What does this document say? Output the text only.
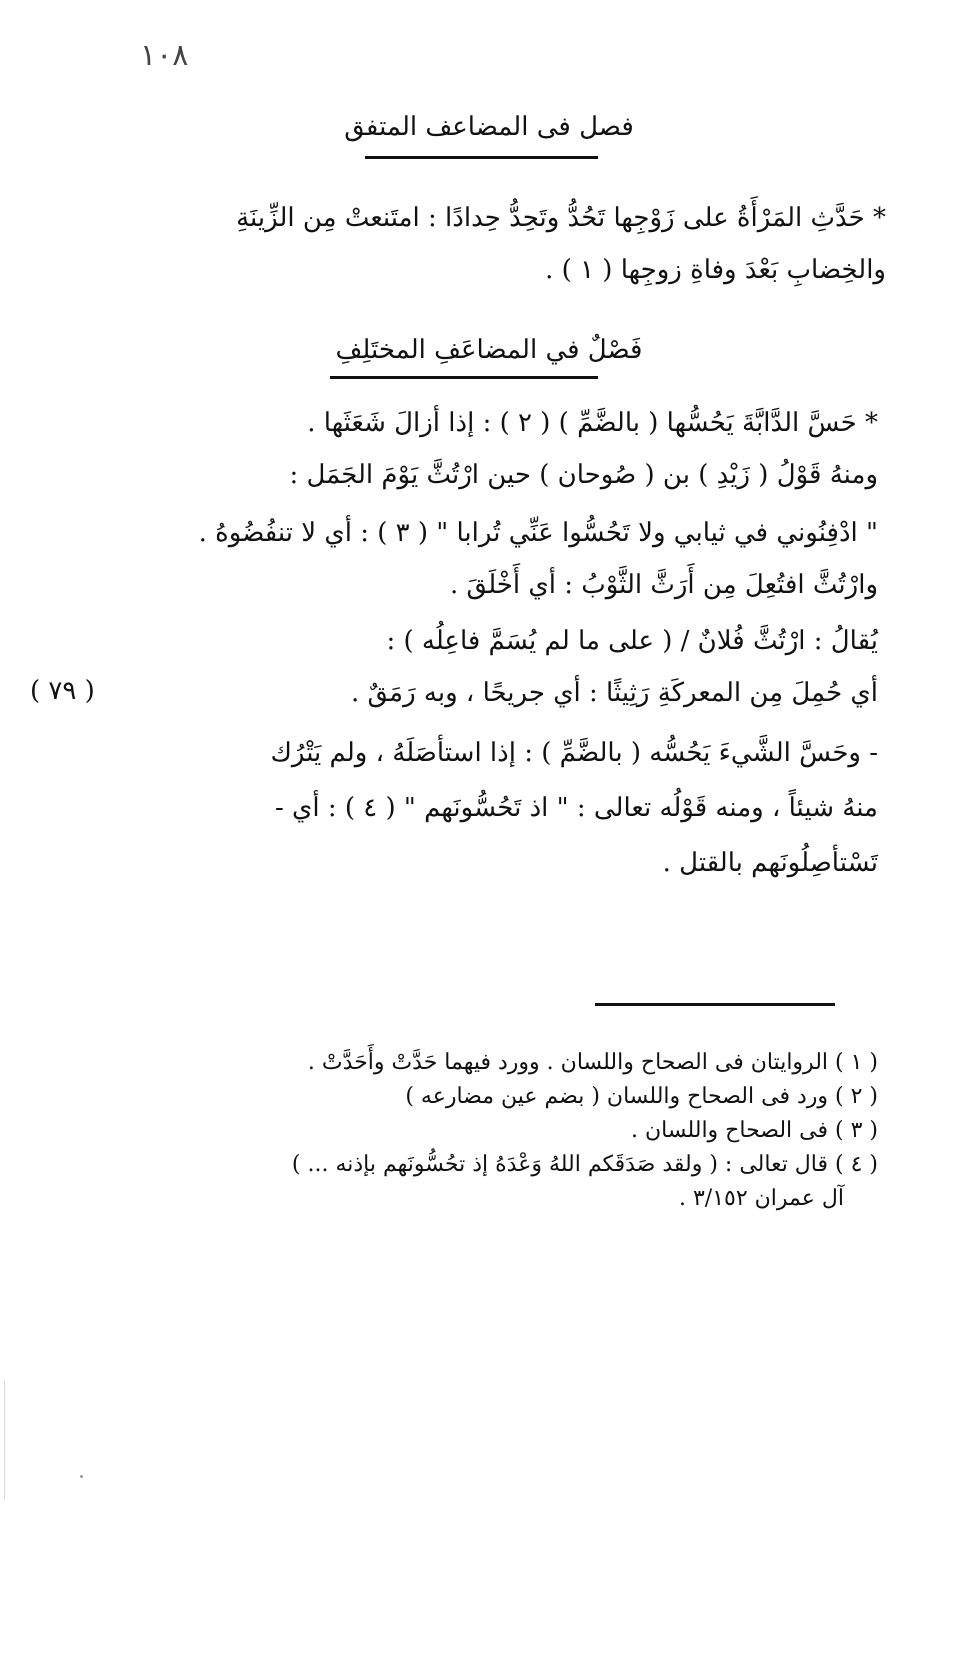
١٠٨
فصل فى المضاعف المتفق
* حَدَّثِ المَرْأَةُ على زَوْجِها تَحُدُّ وتَحِدُّ حِدادًا : امتَنعتْ مِن الزِّينَةِ
والخِضابِ بَعْدَ وفاةِ زوجِها ( ١ ) .
فَصْلٌ في المضاعَفِ المختَلِفِ
* حَسَّ الدَّابَّةَ يَحُسُّها ( بالضَّمِّ ) ( ٢ ) : إذا أزالَ شَعَثَها .
ومنهُ قَوْلُ ( زَيْدِ ) بن ( صُوحان ) حين ارْتُثَّ يَوْمَ الجَمَل :
" ادْفِنُوني في ثيابي ولا تَحُسُّوا عَنِّي تُرابا " ( ٣ ) : أي لا تنفُضُوهُ .
وارْتُثَّ افتُعِلَ مِن أَرَثَّ الثَّوْبُ : أي أَخْلَقَ .
يُقالُ : ارْتُثَّ فُلانٌ / ( على ما لم يُسَمَّ فاعِلُه ) :
أي حُمِلَ مِن المعركَةِ رَثِيثًا : أي جريحًا ، وبه رَمَقٌ .
- وحَسَّ الشَّيءَ يَحُسُّه ( بالضَّمِّ ) : إذا استأصَلَهُ ، ولم يَتْرُك
منهُ شيئاً ، ومنه قَوْلُه تعالى : " اذ تَحُسُّونَهم " ( ٤ ) : أي -
تَسْتأصِلُونَهم بالقتل .
( ٧٩ )
( ١ ) الروايتان فى الصحاح واللسان . وورد فيهما حَدَّتْ وأَحَدَّتْ .
( ٢ ) ورد فى الصحاح واللسان ( بضم عين مضارعه )
( ٣ ) فى الصحاح واللسان .
( ٤ ) قال تعالى : ( ولقد صَدَقَكم اللهُ وَعْدَهُ إذ تحُسُّونَهم بإذنه ... )
آل عمران ٣/١٥٢ .
